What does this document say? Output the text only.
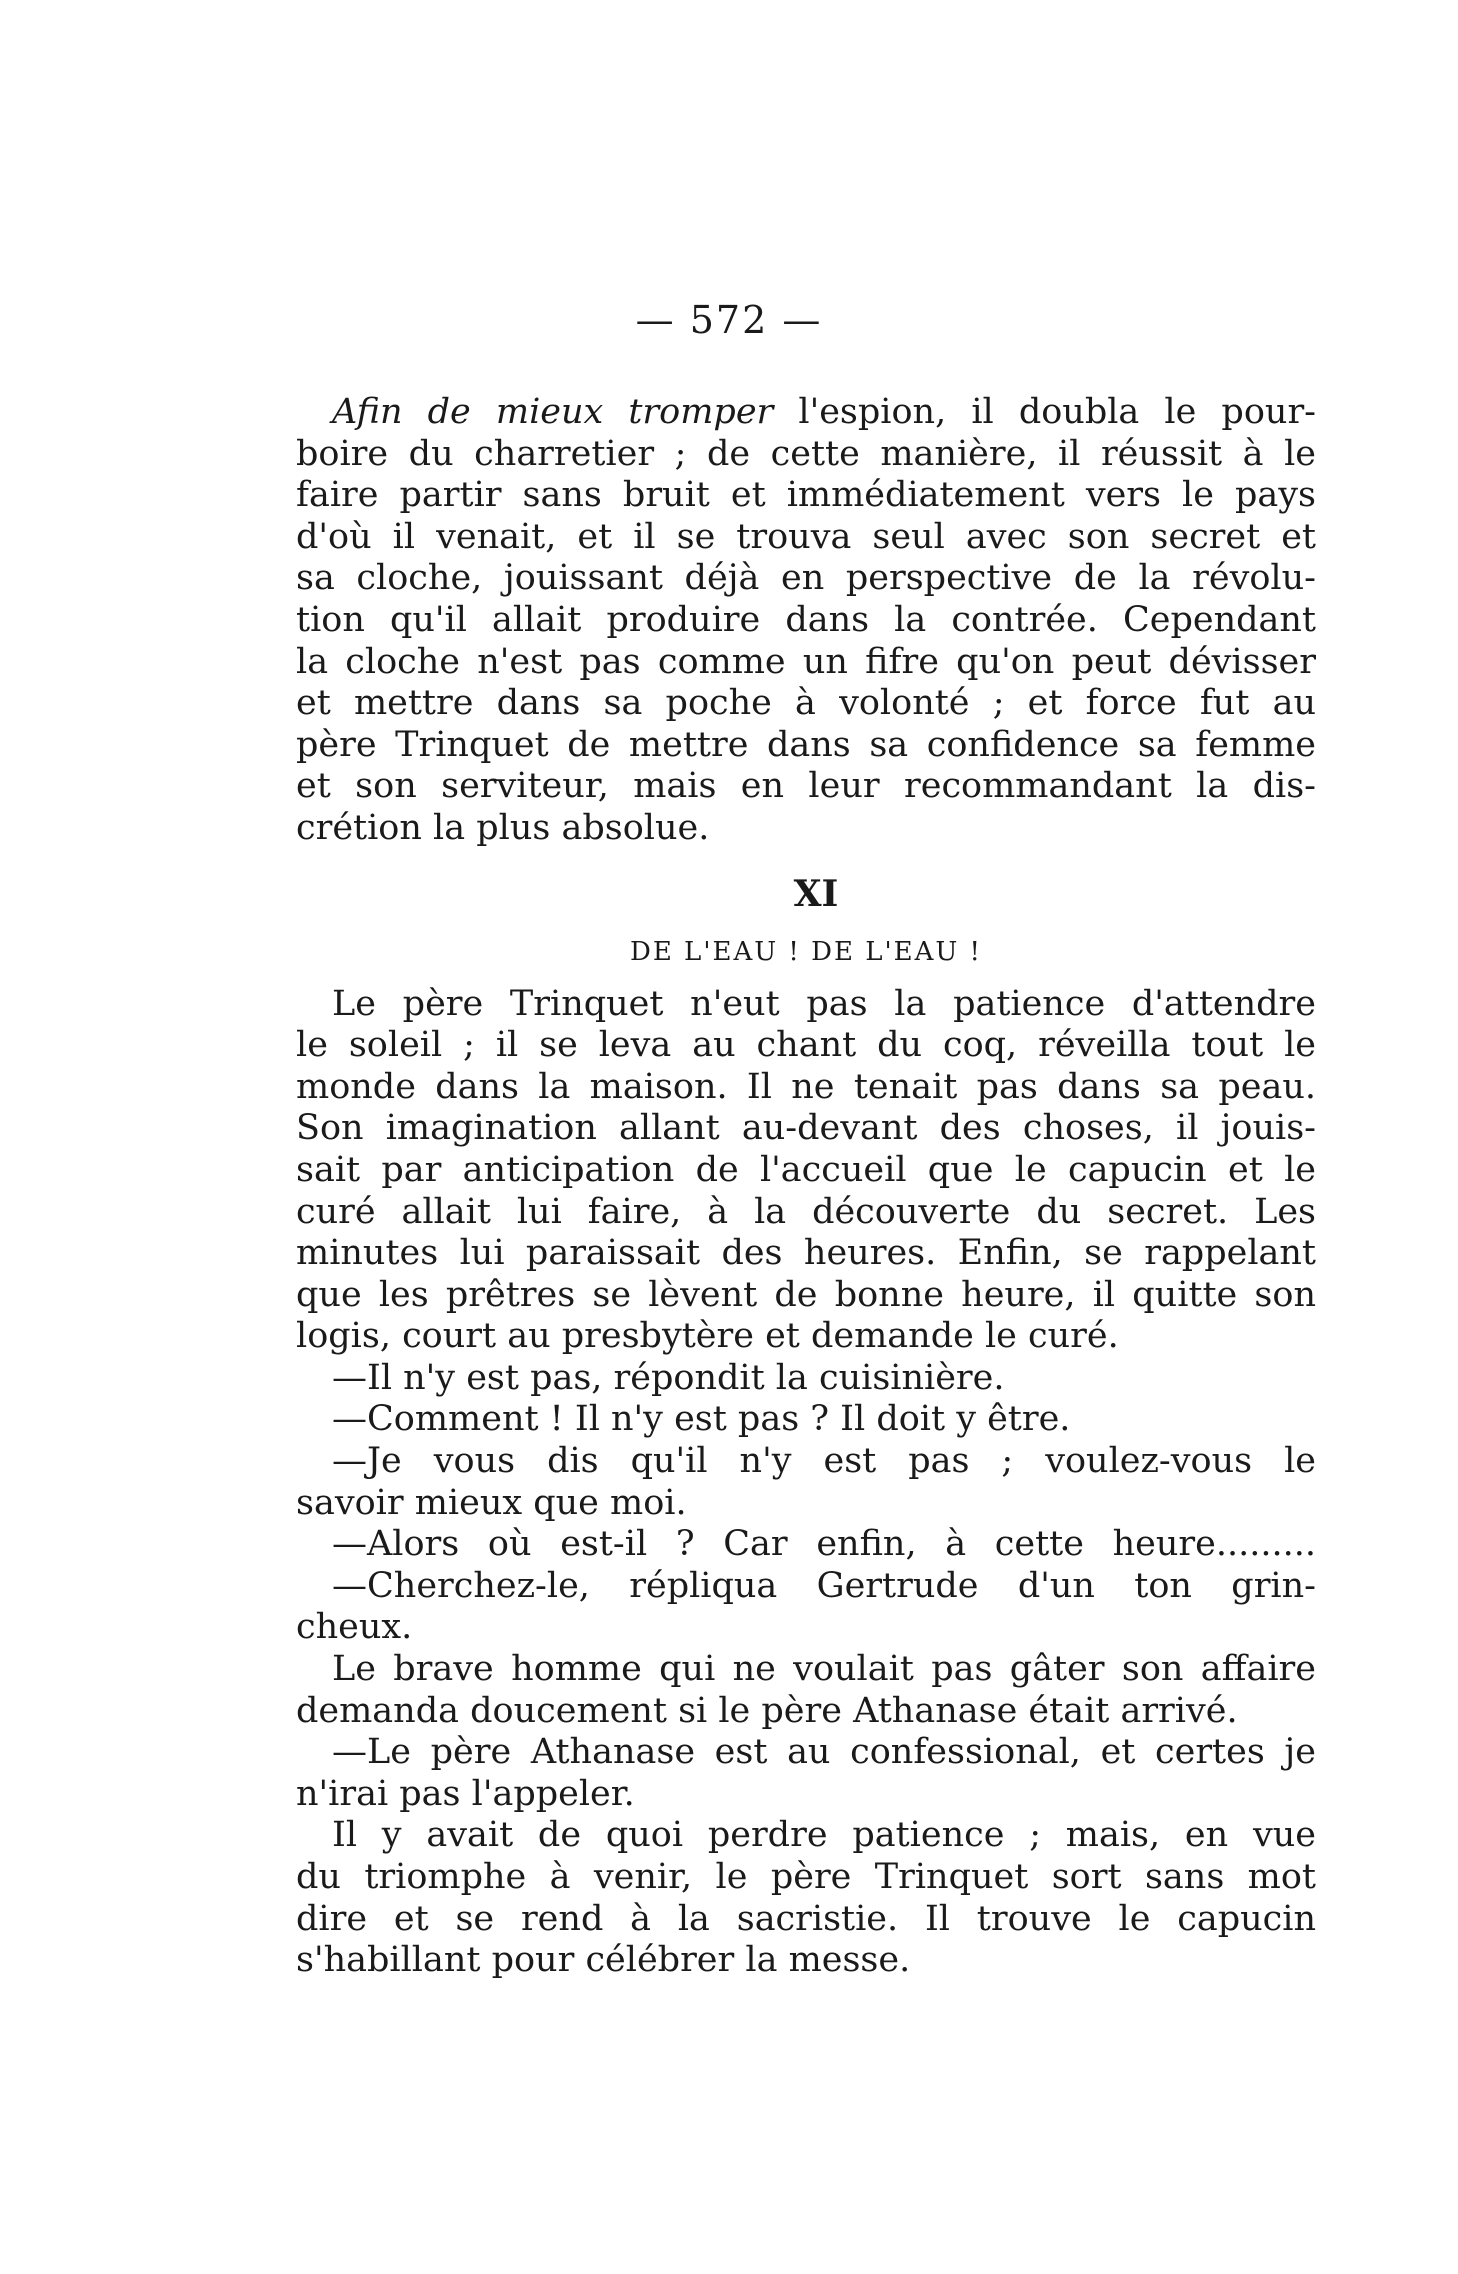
— 572 —
Afin de mieux tromper l'espion, il doubla le pour-
boire du charretier ; de cette manière, il réussit à le
faire partir sans bruit et immédiatement vers le pays
d'où il venait, et il se trouva seul avec son secret et
sa cloche, jouissant déjà en perspective de la révolu-
tion qu'il allait produire dans la contrée. Cependant
la cloche n'est pas comme un fifre qu'on peut dévisser
et mettre dans sa poche à volonté ; et force fut au
père Trinquet de mettre dans sa confidence sa femme
et son serviteur, mais en leur recommandant la dis-
crétion la plus absolue.
XI
DE L'EAU ! DE L'EAU !
Le père Trinquet n'eut pas la patience d'attendre
le soleil ; il se leva au chant du coq, réveilla tout le
monde dans la maison. Il ne tenait pas dans sa peau.
Son imagination allant au-devant des choses, il jouis-
sait par anticipation de l'accueil que le capucin et le
curé allait lui faire, à la découverte du secret. Les
minutes lui paraissait des heures. Enfin, se rappelant
que les prêtres se lèvent de bonne heure, il quitte son
logis, court au presbytère et demande le curé.
—Il n'y est pas, répondit la cuisinière.
—Comment ! Il n'y est pas ? Il doit y être.
—Je vous dis qu'il n'y est pas ; voulez-vous le
savoir mieux que moi.
—Alors où est-il ? Car enfin, à cette heure.........
—Cherchez-le, répliqua Gertrude d'un ton grin-
cheux.
Le brave homme qui ne voulait pas gâter son affaire
demanda doucement si le père Athanase était arrivé.
—Le père Athanase est au confessional, et certes je
n'irai pas l'appeler.
Il y avait de quoi perdre patience ; mais, en vue
du triomphe à venir, le père Trinquet sort sans mot
dire et se rend à la sacristie. Il trouve le capucin
s'habillant pour célébrer la messe.
